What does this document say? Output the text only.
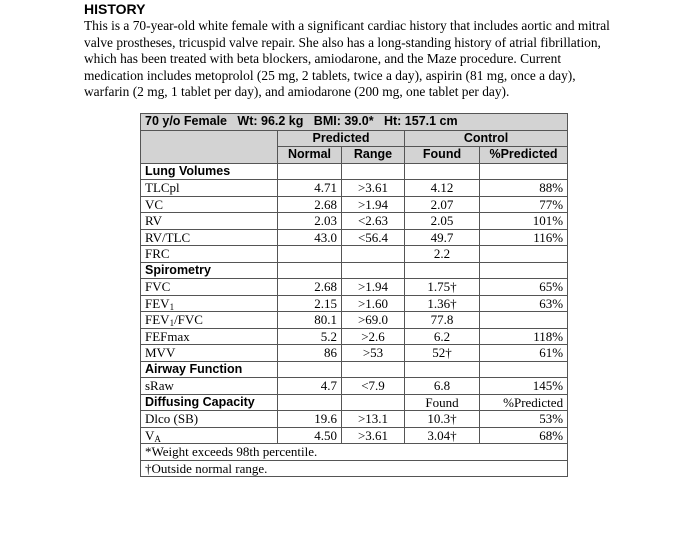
HISTORY
This is a 70-year-old white female with a significant cardiac history that includes aortic and mitral valve prostheses, tricuspid valve repair. She also has a long-standing history of atrial fibrillation, which has been treated with beta blockers, amiodarone, and the Maze procedure. Current medication includes metoprolol (25 mg, 2 tablets, twice a day), aspirin (81 mg, once a day), warfarin (2 mg, 1 tablet per day), and amiodarone (200 mg, one tablet per day).
70 y/o Female   Wt: 96.2 kg   BMI: 39.0*   Ht: 157.1 cm				
	Predicted		Control	
	Normal	Range	Found	%Predicted
Lung Volumes				
TLCpl	4.71	>3.61	4.12	88%
VC	2.68	>1.94	2.07	77%
RV	2.03	<2.63	2.05	101%
RV/TLC	43.0	<56.4	49.7	116%
FRC			2.2	
Spirometry				
FVC	2.68	>1.94	1.75†	65%
$FEV_1$	2.15	>1.60	1.36†	63%
$FEV_1$/FVC	80.1	>69.0	77.8	
FEFmax	5.2	>2.6	6.2	118%
MVV	86	>53	52†	61%
Airway Function				
sRaw	4.7	<7.9	6.8	145%
Diffusing Capacity			Found	%Predicted
Dlco (SB)	19.6	>13.1	10.3†	53%
$V_A$	4.50	>3.61	3.04†	68%
*Weight exceeds 98th percentile.				
†Outside normal range.				
